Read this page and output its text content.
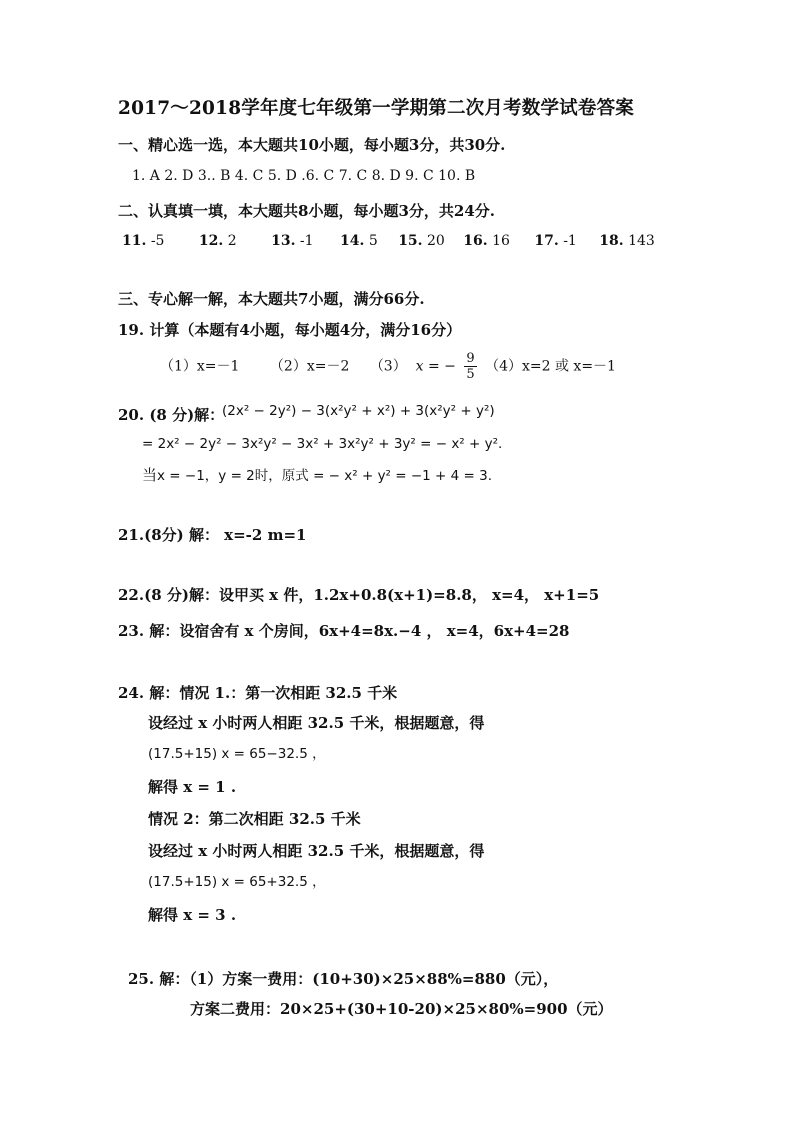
2017～2018学年度七年级第一学期第二次月考数学试卷答案
一、精心选一选，本大题共10小题，每小题3分，共30分.
1. A 2. D 3.. B 4. C 5. D .6. C 7. C 8. D 9. C 10. B
二、认真填一填，本大题共8小题，每小题3分，共24分.
11. -5 12. 2 13. -1 14. 5 15. 20 16. 16 17. -1 18. 143
三、专心解一解，本大题共7小题，满分66分.
19. 计算（本题有4小题，每小题4分，满分16分）
（1）x=－1 （2）x=－2 （3） x = − $\frac{9}{5} (4)x=2$ 或 x=－1
20. (8 分)解：
(2x² − 2y²) − 3(x²y² + x²) + 3(x²y² + y²)
= 2x² − 2y² − 3x²y² − 3x² + 3x²y² + 3y² = − x² + y².
当x = −1，y = 2时，原式 = − x² + y² = −1 + 4 = 3.
21.(8分) 解： x=-2 m=1
22.(8 分)解：设甲买 x 件，1.2x+0.8(x+1)=8.8， x=4， x+1=5
23. 解：设宿舍有 x 个房间，6x+4=8x.−4 ， x=4，6x+4=28
24. 解：情况 1.：第一次相距 32.5 千米
设经过 x 小时两人相距 32.5 千米，根据题意，得
(17.5+15) x = 65−32.5 ，
解得 x = 1 .
情况 2：第二次相距 32.5 千米
设经过 x 小时两人相距 32.5 千米，根据题意，得
(17.5+15) x = 65+32.5 ，
解得 x = 3 .
25. 解：（1）方案一费用：(10+30)×25×88%=880（元），
方案二费用：20×25+(30+10-20)×25×80%=900（元）
